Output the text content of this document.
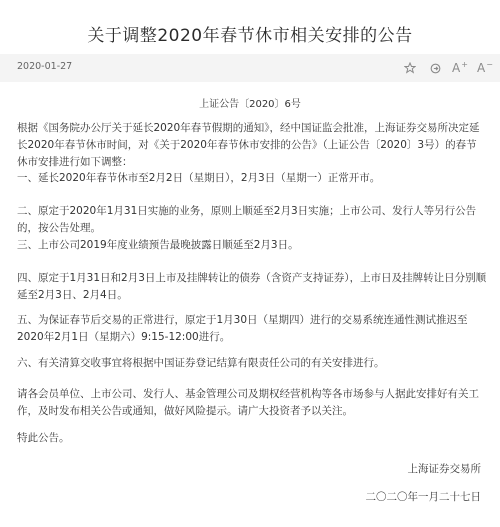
关于调整2020年春节休市相关安排的公告
2020-01-27	A + A −
上证公告〔2020〕6号
根据《国务院办公厅关于延长2020年春节假期的通知》，经中国证监会批准，上海证券交易所决定延长2020年春节休市时间，对《关于2020年春节休市安排的公告》（上证公告〔2020〕3号）的春节休市安排进行如下调整：
一、延长2020年春节休市至2月2日（星期日），2月3日（星期一）正常开市。
二、原定于2020年1月31日实施的业务，原则上顺延至2月3日实施；上市公司、发行人等另行公告的，按公告处理。
三、上市公司2019年度业绩预告最晚披露日顺延至2月3日。
四、原定于1月31日和2月3日上市及挂牌转让的债券（含资产支持证券），上市日及挂牌转让日分别顺延至2月3日、2月4日。
五、为保证春节后交易的正常进行，原定于1月30日（星期四）进行的交易系统连通性测试推迟至2020年2月1日（星期六）9:15-12:00进行。
六、有关清算交收事宜将根据中国证券登记结算有限责任公司的有关安排进行。
请各会员单位、上市公司、发行人、基金管理公司及期权经营机构等各市场参与人据此安排好有关工作，及时发布相关公告或通知，做好风险提示。请广大投资者予以关注。
特此公告。
上海证券交易所
二〇二〇年一月二十七日
